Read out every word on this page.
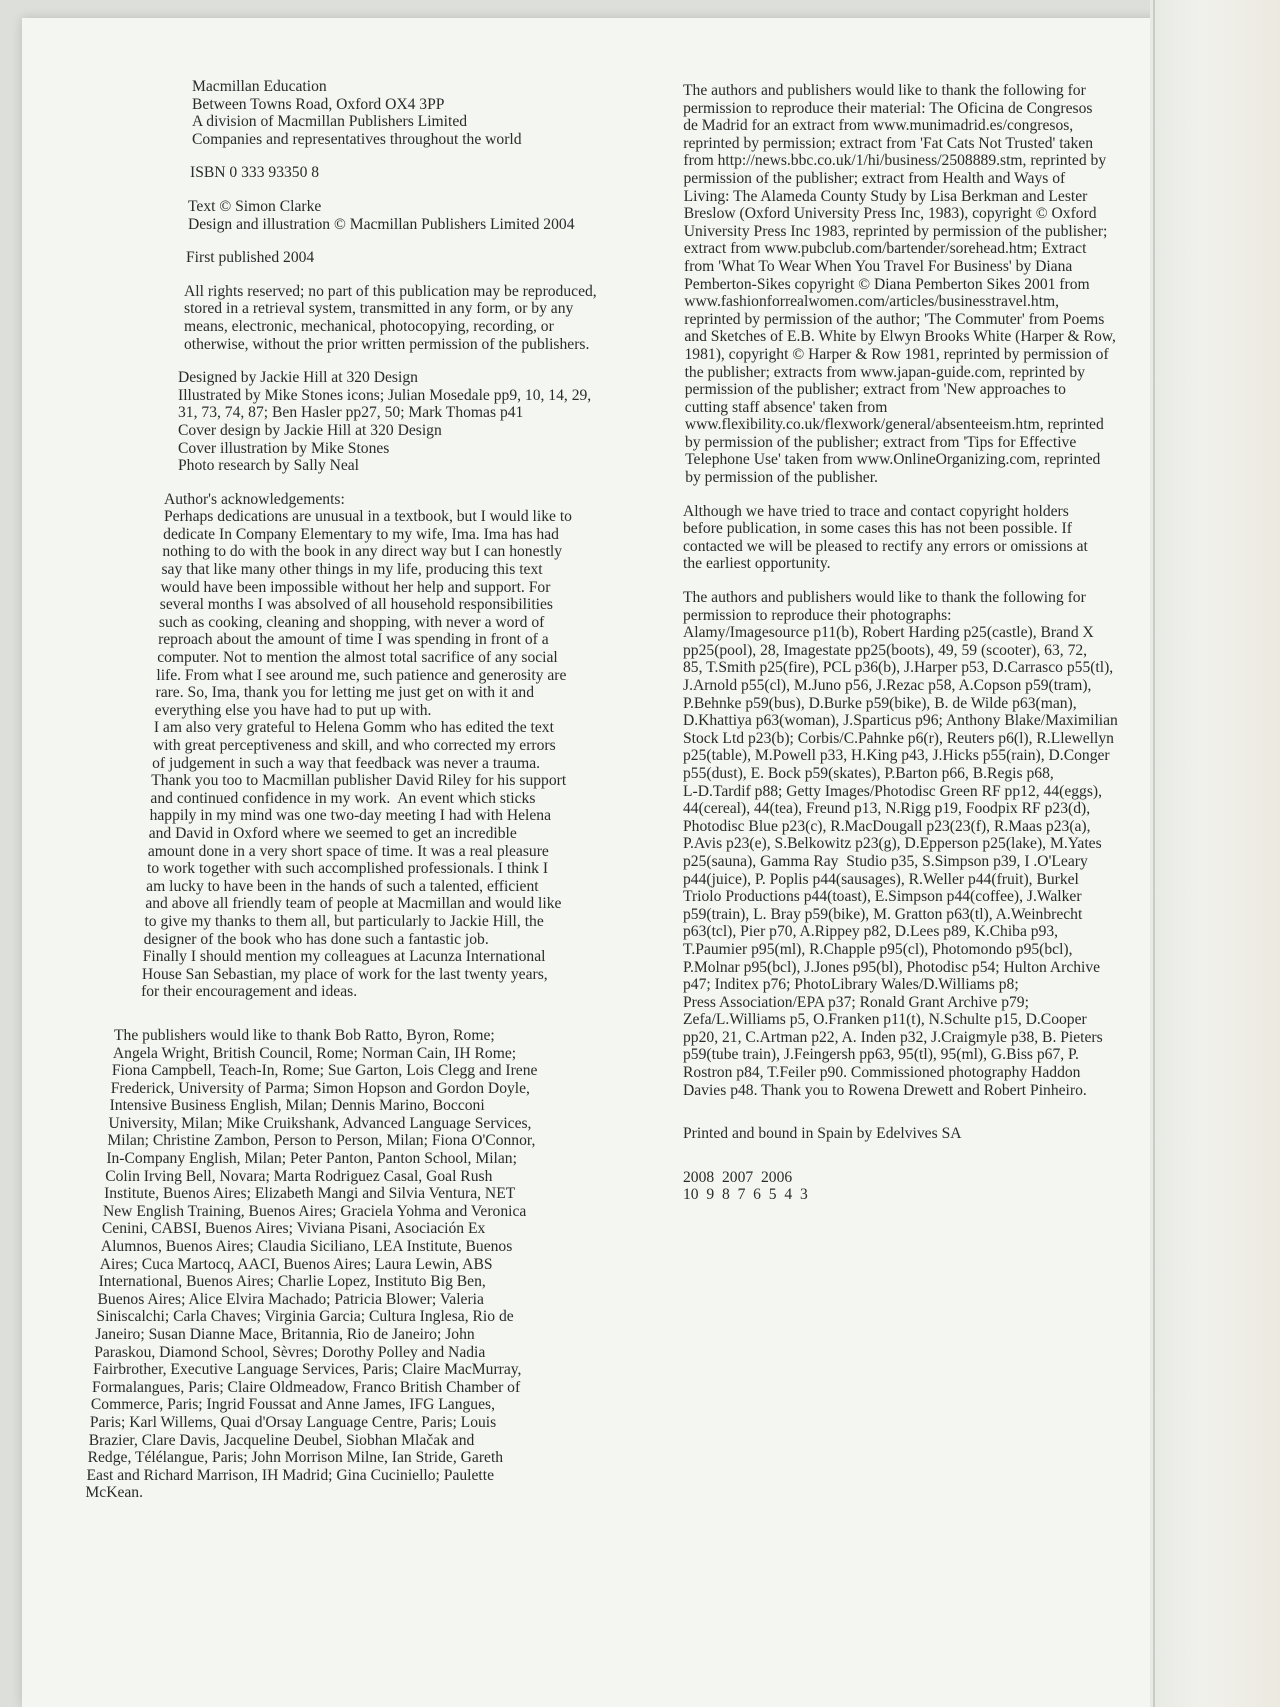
Macmillan Education

Between Towns Road, Oxford OX4 3PP

A division of Macmillan Publishers Limited

Companies and representatives throughout the world

ISBN 0 333 93350 8

Text © Simon Clarke

Design and illustration © Macmillan Publishers Limited 2004

First published 2004

All rights reserved; no part of this publication may be reproduced,

stored in a retrieval system, transmitted in any form, or by any

means, electronic, mechanical, photocopying, recording, or

otherwise, without the prior written permission of the publishers.

Designed by Jackie Hill at 320 Design

Illustrated by Mike Stones icons; Julian Mosedale pp9, 10, 14, 29,

31, 73, 74, 87; Ben Hasler pp27, 50; Mark Thomas p41

Cover design by Jackie Hill at 320 Design

Cover illustration by Mike Stones

Photo research by Sally Neal

Author's acknowledgements:

Perhaps dedications are unusual in a textbook, but I would like to

dedicate In Company Elementary to my wife, Ima. Ima has had

nothing to do with the book in any direct way but I can honestly

say that like many other things in my life, producing this text

would have been impossible without her help and support. For

several months I was absolved of all household responsibilities

such as cooking, cleaning and shopping, with never a word of

reproach about the amount of time I was spending in front of a

computer. Not to mention the almost total sacrifice of any social

life. From what I see around me, such patience and generosity are

rare. So, Ima, thank you for letting me just get on with it and

everything else you have had to put up with.

I am also very grateful to Helena Gomm who has edited the text

with great perceptiveness and skill, and who corrected my errors

of judgement in such a way that feedback was never a trauma.

Thank you too to Macmillan publisher David Riley for his support

and continued confidence in my work.  An event which sticks

happily in my mind was one two-day meeting I had with Helena

and David in Oxford where we seemed to get an incredible

amount done in a very short space of time. It was a real pleasure

to work together with such accomplished professionals. I think I

am lucky to have been in the hands of such a talented, efficient

and above all friendly team of people at Macmillan and would like

to give my thanks to them all, but particularly to Jackie Hill, the

designer of the book who has done such a fantastic job.

Finally I should mention my colleagues at Lacunza International

House San Sebastian, my place of work for the last twenty years,

for their encouragement and ideas.

The publishers would like to thank Bob Ratto, Byron, Rome;

Angela Wright, British Council, Rome; Norman Cain, IH Rome;

Fiona Campbell, Teach-In, Rome; Sue Garton, Lois Clegg and Irene

Frederick, University of Parma; Simon Hopson and Gordon Doyle,

Intensive Business English, Milan; Dennis Marino, Bocconi

University, Milan; Mike Cruikshank, Advanced Language Services,

Milan; Christine Zambon, Person to Person, Milan; Fiona O'Connor,

In-Company English, Milan; Peter Panton, Panton School, Milan;

Colin Irving Bell, Novara; Marta Rodriguez Casal, Goal Rush

Institute, Buenos Aires; Elizabeth Mangi and Silvia Ventura, NET

New English Training, Buenos Aires; Graciela Yohma and Veronica

Cenini, CABSI, Buenos Aires; Viviana Pisani, Asociación Ex

Alumnos, Buenos Aires; Claudia Siciliano, LEA Institute, Buenos

Aires; Cuca Martocq, AACI, Buenos Aires; Laura Lewin, ABS

International, Buenos Aires; Charlie Lopez, Instituto Big Ben,

Buenos Aires; Alice Elvira Machado; Patricia Blower; Valeria

Siniscalchi; Carla Chaves; Virginia Garcia; Cultura Inglesa, Rio de

Janeiro; Susan Dianne Mace, Britannia, Rio de Janeiro; John

Paraskou, Diamond School, Sèvres; Dorothy Polley and Nadia

Fairbrother, Executive Language Services, Paris; Claire MacMurray,

Formalangues, Paris; Claire Oldmeadow, Franco British Chamber of

Commerce, Paris; Ingrid Foussat and Anne James, IFG Langues,

Paris; Karl Willems, Quai d'Orsay Language Centre, Paris; Louis

Brazier, Clare Davis, Jacqueline Deubel, Siobhan Mlačak and

Redge, Télélangue, Paris; John Morrison Milne, Ian Stride, Gareth

East and Richard Marrison, IH Madrid; Gina Cuciniello; Paulette

McKean.

The authors and publishers would like to thank the following for

permission to reproduce their material: The Oficina de Congresos

de Madrid for an extract from www.munimadrid.es/congresos,

reprinted by permission; extract from 'Fat Cats Not Trusted' taken

from http://news.bbc.co.uk/1/hi/business/2508889.stm, reprinted by

permission of the publisher; extract from Health and Ways of

Living: The Alameda County Study by Lisa Berkman and Lester

Breslow (Oxford University Press Inc, 1983), copyright © Oxford

University Press Inc 1983, reprinted by permission of the publisher;

extract from www.pubclub.com/bartender/sorehead.htm; Extract

from 'What To Wear When You Travel For Business' by Diana

Pemberton-Sikes copyright © Diana Pemberton Sikes 2001 from

www.fashionforrealwomen.com/articles/businesstravel.htm,

reprinted by permission of the author; 'The Commuter' from Poems

and Sketches of E.B. White by Elwyn Brooks White (Harper & Row,

1981), copyright © Harper & Row 1981, reprinted by permission of

the publisher; extracts from www.japan-guide.com, reprinted by

permission of the publisher; extract from 'New approaches to

cutting staff absence' taken from

www.flexibility.co.uk/flexwork/general/absenteeism.htm, reprinted

by permission of the publisher; extract from 'Tips for Effective

Telephone Use' taken from www.OnlineOrganizing.com, reprinted

by permission of the publisher.

Although we have tried to trace and contact copyright holders

before publication, in some cases this has not been possible. If

contacted we will be pleased to rectify any errors or omissions at

the earliest opportunity.

The authors and publishers would like to thank the following for

permission to reproduce their photographs:

Alamy/Imagesource p11(b), Robert Harding p25(castle), Brand X

pp25(pool), 28, Imagestate pp25(boots), 49, 59 (scooter), 63, 72,

85, T.Smith p25(fire), PCL p36(b), J.Harper p53, D.Carrasco p55(tl),

J.Arnold p55(cl), M.Juno p56, J.Rezac p58, A.Copson p59(tram),

P.Behnke p59(bus), D.Burke p59(bike), B. de Wilde p63(man),

D.Khattiya p63(woman), J.Sparticus p96; Anthony Blake/Maximilian

Stock Ltd p23(b); Corbis/C.Pahnke p6(r), Reuters p6(l), R.Llewellyn

p25(table), M.Powell p33, H.King p43, J.Hicks p55(rain), D.Conger

p55(dust), E. Bock p59(skates), P.Barton p66, B.Regis p68,

L-D.Tardif p88; Getty Images/Photodisc Green RF pp12, 44(eggs),

44(cereal), 44(tea), Freund p13, N.Rigg p19, Foodpix RF p23(d),

Photodisc Blue p23(c), R.MacDougall p23(23(f), R.Maas p23(a),

P.Avis p23(e), S.Belkowitz p23(g), D.Epperson p25(lake), M.Yates

p25(sauna), Gamma Ray  Studio p35, S.Simpson p39, I .O'Leary

p44(juice), P. Poplis p44(sausages), R.Weller p44(fruit), Burkel

Triolo Productions p44(toast), E.Simpson p44(coffee), J.Walker

p59(train), L. Bray p59(bike), M. Gratton p63(tl), A.Weinbrecht

p63(tcl), Pier p70, A.Rippey p82, D.Lees p89, K.Chiba p93,

T.Paumier p95(ml), R.Chapple p95(cl), Photomondo p95(bcl),

P.Molnar p95(bcl), J.Jones p95(bl), Photodisc p54; Hulton Archive

p47; Inditex p76; PhotoLibrary Wales/D.Williams p8;

Press Association/EPA p37; Ronald Grant Archive p79;

Zefa/L.Williams p5, O.Franken p11(t), N.Schulte p15, D.Cooper

pp20, 21, C.Artman p22, A. Inden p32, J.Craigmyle p38, B. Pieters

p59(tube train), J.Feingersh pp63, 95(tl), 95(ml), G.Biss p67, P.

Rostron p84, T.Feiler p90. Commissioned photography Haddon

Davies p48. Thank you to Rowena Drewett and Robert Pinheiro.

Printed and bound in Spain by Edelvives SA

2008  2007  2006

10  9  8  7  6  5  4  3
